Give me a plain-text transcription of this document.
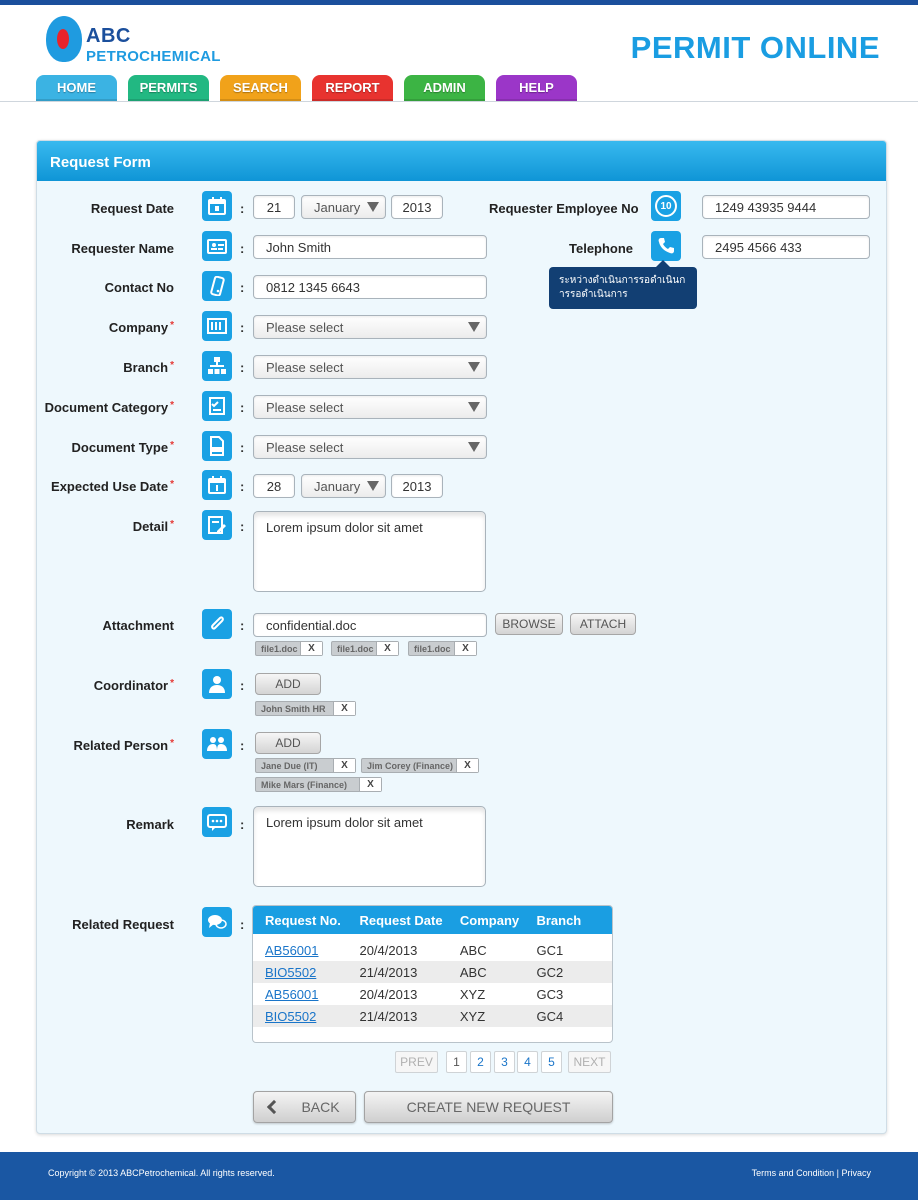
ABC
PETROCHEMICAL	PERMIT ONLINE
HOME	PERMITS	SEARCH	REPORT	ADMIN	HELP
Request Form
Request Date	:	21	January	2013	Requester Employee No	10	1249 43935 9444
Requester Name	:	John Smith	Telephone	2495 4566 433
ระหว่างดำเนินการรอดำเนินก
ารรอดำเนินการ
Contact No	:	0812 1345 6643
Company *	:	Please select
Branch *	:	Please select
Document Category *	:	Please select
Document Type *	:	Please select
Expected Use Date *	:	28	January	2013
Detail *	:	Lorem ipsum dolor sit amet
Attachment	:	confidential.doc	BROWSE	ATTACH
file1.doc	X	file1.doc	X	file1.doc	X
Coordinator *	:	ADD
John Smith HR	X
Related Person *	:	ADD
Jane Due (IT)	X	Jim Corey (Finance)	X
Mike Mars (Finance)	X
Remark	:	Lorem ipsum dolor sit amet
Related Request	:	Request No.	Request Date	Company	Branch
AB56001	20/4/2013	ABC	GC1
BIO5502	21/4/2013	ABC	GC2
AB56001	20/4/2013	XYZ	GC3
BIO5502	21/4/2013	XYZ	GC4
PREV	1	2	3	4	5	NEXT
BACK	CREATE NEW REQUEST
Copyright © 2013 ABCPetrochemical. All rights reserved.	Terms and Condition | Privacy
